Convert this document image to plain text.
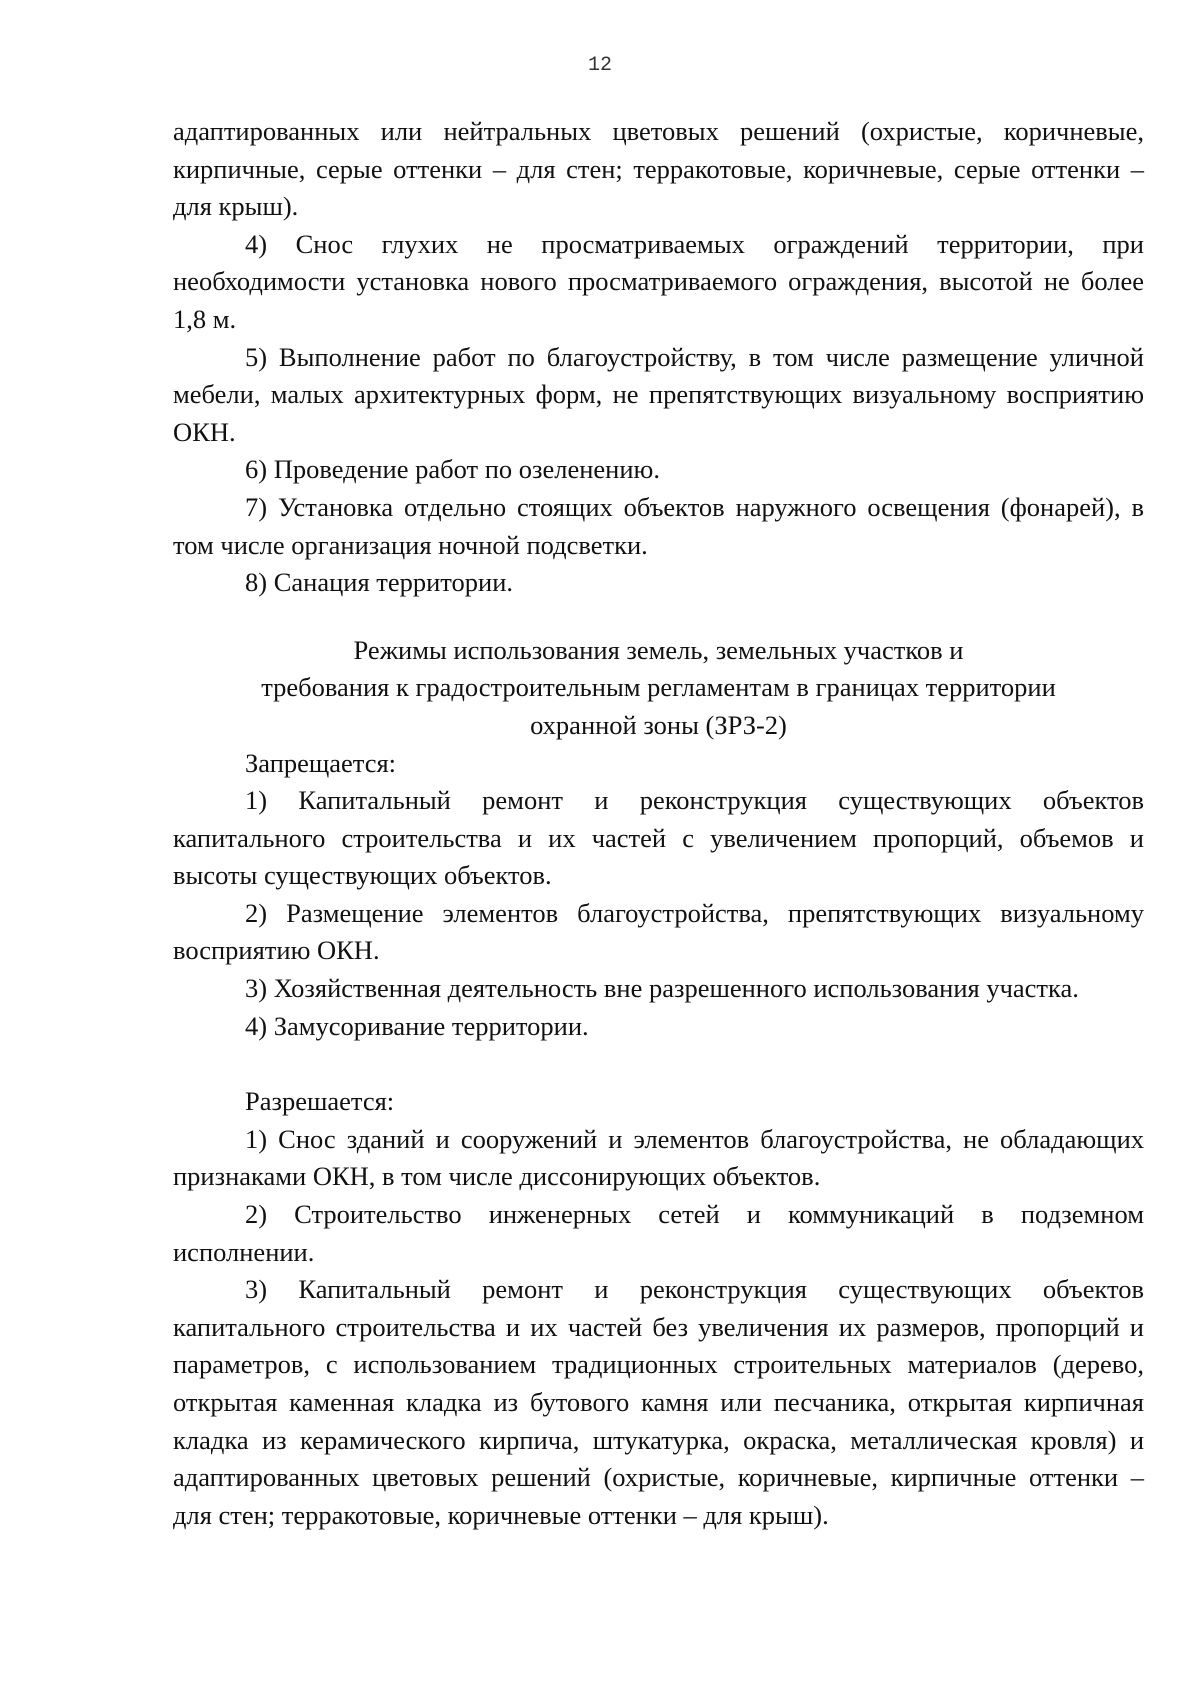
12

адаптированных или нейтральных цветовых решений (охристые, коричневые, кирпичные, серые оттенки – для стен; терракотовые, коричневые, серые оттенки – для крыш).

4) Снос глухих не просматриваемых ограждений территории, при необходимости установка нового просматриваемого ограждения, высотой не более 1,8 м.

5) Выполнение работ по благоустройству, в том числе размещение уличной мебели, малых архитектурных форм, не препятствующих визуальному восприятию ОКН.

6) Проведение работ по озеленению.

7) Установка отдельно стоящих объектов наружного освещения (фонарей), в том числе организация ночной подсветки.

8) Санация территории.

Режимы использования земель, земельных участков и

требования к градостроительным регламентам в границах территории

охранной зоны (ЗРЗ-2)

Запрещается:

1) Капитальный ремонт и реконструкция существующих объектов капитального строительства и их частей с увеличением пропорций, объемов и высоты существующих объектов.

2) Размещение элементов благоустройства, препятствующих визуальному восприятию ОКН.

3) Хозяйственная деятельность вне разрешенного использования участка.

4) Замусоривание территории.

Разрешается:

1) Снос зданий и сооружений и элементов благоустройства, не обладающих признаками ОКН, в том числе диссонирующих объектов.

2) Строительство инженерных сетей и коммуникаций в подземном исполнении.

3) Капитальный ремонт и реконструкция существующих объектов капитального строительства и их частей без увеличения их размеров, пропорций и параметров, с использованием традиционных строительных материалов (дерево, открытая каменная кладка из бутового камня или песчаника, открытая кирпичная кладка из керамического кирпича, штукатурка, окраска, металлическая кровля) и адаптированных цветовых решений (охристые, коричневые, кирпичные оттенки – для стен; терракотовые, коричневые оттенки – для крыш).
